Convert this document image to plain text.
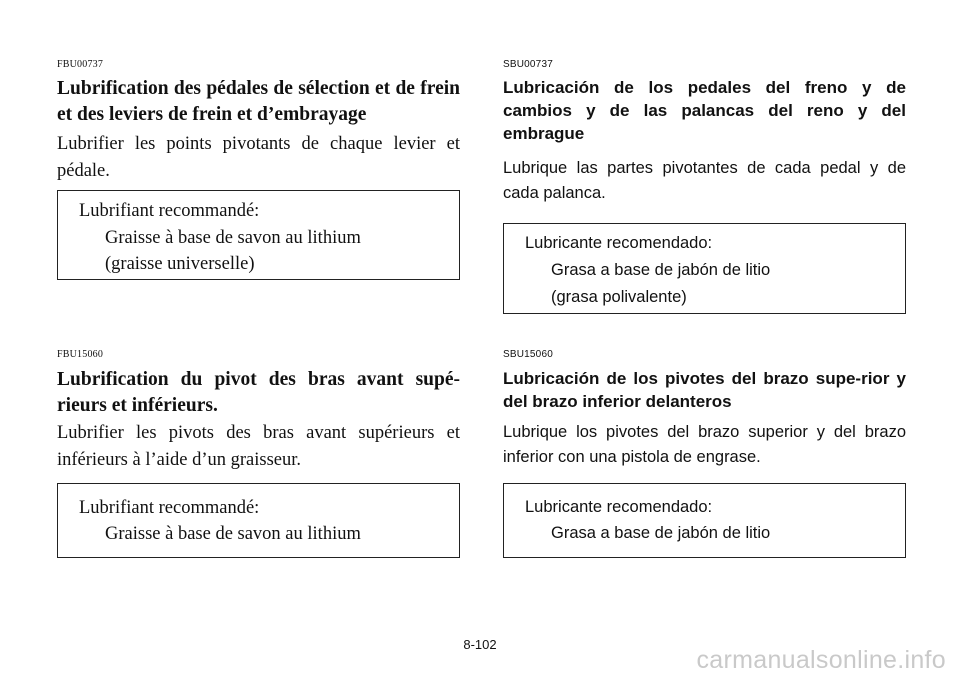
FBU00737

Lubrification des pédales de sélection et de frein et des leviers de frein et d’embrayage

Lubrifier les points pivotants de chaque levier et pédale.

Lubrifiant recommandé:
Graisse à base de savon au lithium
(graisse universelle)
FBU15060

Lubrification du pivot des bras avant supé-rieurs et inférieurs.

Lubrifier les pivots des bras avant supérieurs et inférieurs à l’aide d’un graisseur.

Lubrifiant recommandé:
Graisse à base de savon au lithium
SBU00737

Lubricación de los pedales del freno y de cambios y de las palancas del reno y del embrague

Lubrique las partes pivotantes de cada pedal y de cada palanca.

Lubricante recomendado:
Grasa a base de jabón de litio
(grasa polivalente)
SBU15060

Lubricación de los pivotes del brazo supe-rior y del brazo inferior delanteros

Lubrique los pivotes del brazo superior y del brazo inferior con una pistola de engrase.

Lubricante recomendado:
Grasa a base de jabón de litio
8-102
carmanualsonline.info
